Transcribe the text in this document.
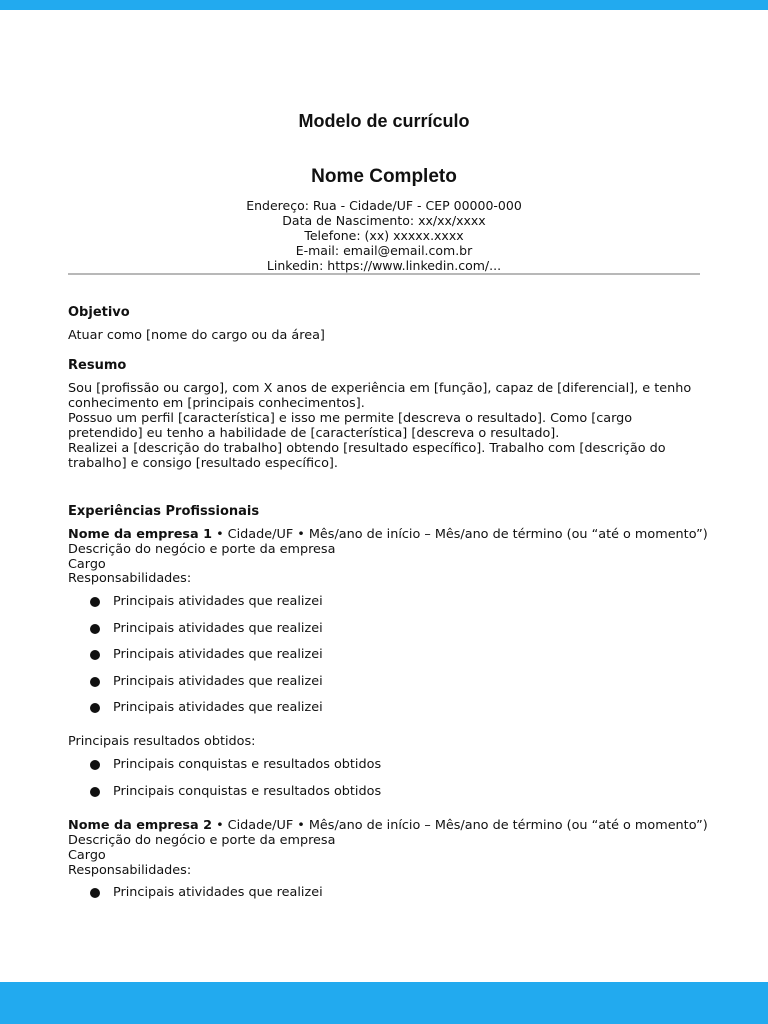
Modelo de currículo
Nome Completo
Endereço: Rua - Cidade/UF - CEP 00000-000
Data de Nascimento: xx/xx/xxxx
Telefone: (xx) xxxxx.xxxx
E-mail: email@email.com.br
Linkedin: https://www.linkedin.com/...
Objetivo
Atuar como [nome do cargo ou da área]
Resumo
Sou [profissão ou cargo], com X anos de experiência em [função], capaz de [diferencial], e tenho conhecimento em [principais conhecimentos].
Possuo um perfil [característica] e isso me permite [descreva o resultado]. Como [cargo pretendido] eu tenho a habilidade de [característica] [descreva o resultado].
Realizei a [descrição do trabalho] obtendo [resultado específico]. Trabalho com [descrição do trabalho] e consigo [resultado específico].
Experiências Profissionais
Nome da empresa 1 • Cidade/UF • Mês/ano de início – Mês/ano de término (ou “até o momento”)
Descrição do negócio e porte da empresa
Cargo
Responsabilidades:
Principais atividades que realizei
Principais atividades que realizei
Principais atividades que realizei
Principais atividades que realizei
Principais atividades que realizei
Principais resultados obtidos:
Principais conquistas e resultados obtidos
Principais conquistas e resultados obtidos
Nome da empresa 2 • Cidade/UF • Mês/ano de início – Mês/ano de término (ou “até o momento”)
Descrição do negócio e porte da empresa
Cargo
Responsabilidades:
Principais atividades que realizei
